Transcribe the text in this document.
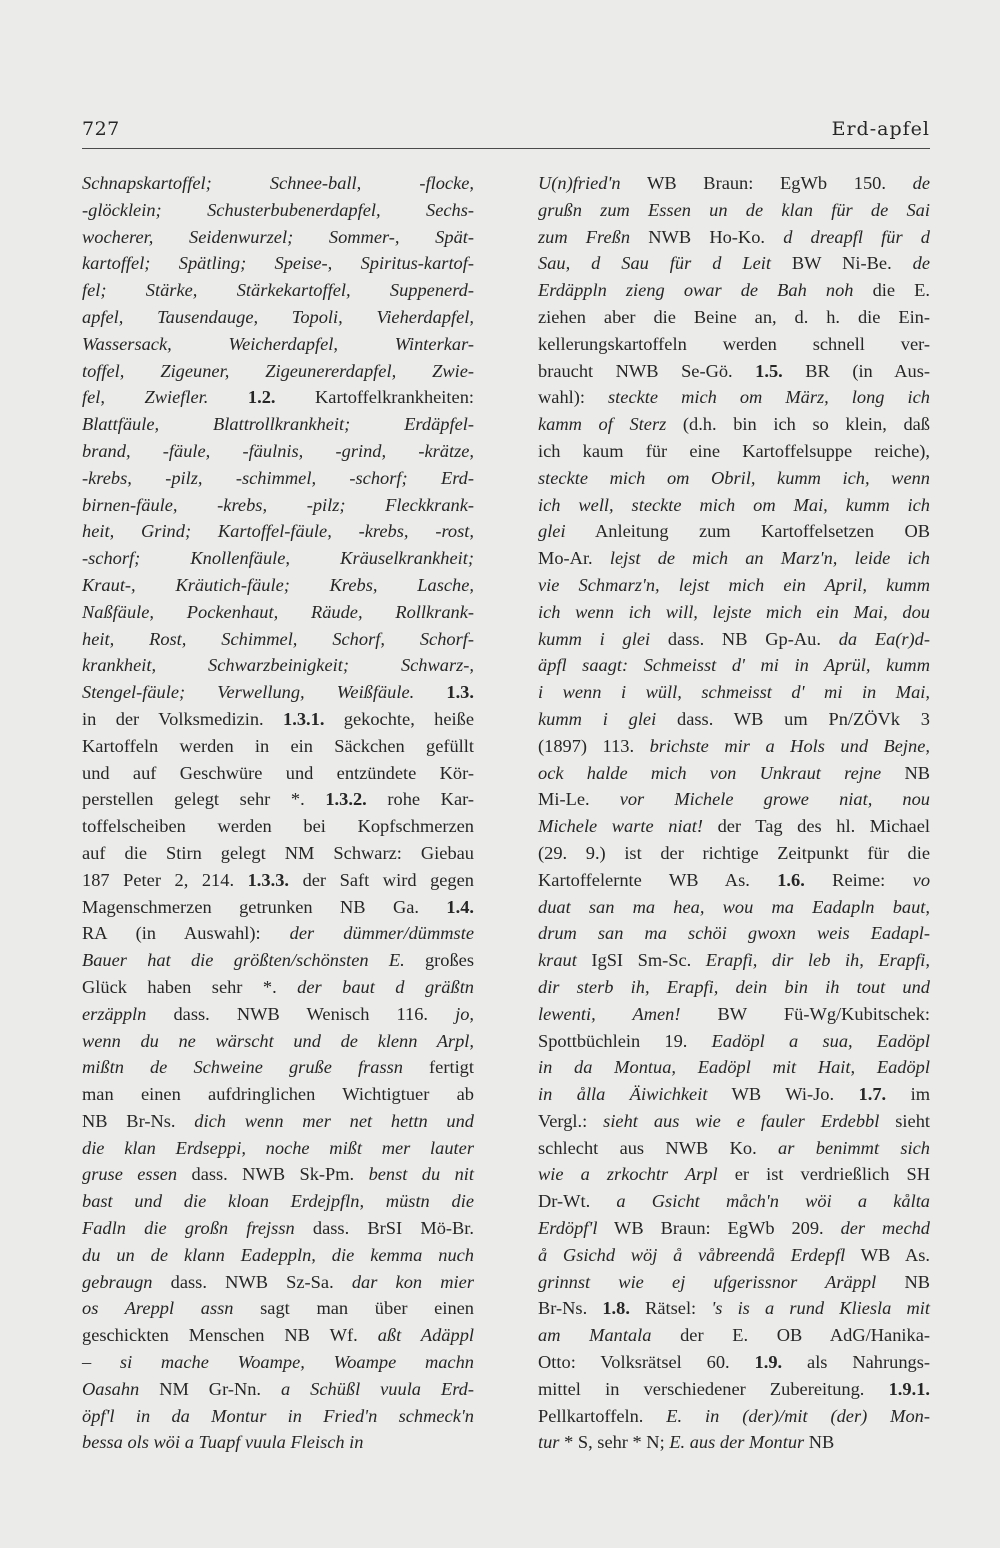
727	Erd-apfel
Schnapskartoffel; Schnee-ball, -flocke,
-glöcklein; Schusterbubenerdapfel, Sechs-
wocherer, Seidenwurzel; Sommer-, Spät-
kartoffel; Spätling; Speise-, Spiritus-kartof-
fel; Stärke, Stärkekartoffel, Suppenerd-
apfel, Tausendauge, Topoli, Vieherdapfel,
Wassersack, Weicherdapfel, Winterkar-
toffel, Zigeuner, Zigeunererdapfel, Zwie-
fel, Zwiefler. 1.2. Kartoffelkrankheiten:
Blattfäule, Blattrollkrankheit; Erdäpfel-
brand, -fäule, -fäulnis, -grind, -krätze,
-krebs, -pilz, -schimmel, -schorf; Erd-
birnen-fäule, -krebs, -pilz; Fleckkrank-
heit, Grind; Kartoffel-fäule, -krebs, -rost,
-schorf; Knollenfäule, Kräuselkrankheit;
Kraut-, Kräutich-fäule; Krebs, Lasche,
Naßfäule, Pockenhaut, Räude, Rollkrank-
heit, Rost, Schimmel, Schorf, Schorf-
krankheit, Schwarzbeinigkeit; Schwarz-,
Stengel-fäule; Verwellung, Weißfäule. 1.3.
in der Volksmedizin. 1.3.1. gekochte, heiße
Kartoffeln werden in ein Säckchen gefüllt
und auf Geschwüre und entzündete Kör-
perstellen gelegt sehr *. 1.3.2. rohe Kar-
toffelscheiben werden bei Kopfschmerzen
auf die Stirn gelegt NM Schwarz: Giebau
187 Peter 2, 214. 1.3.3. der Saft wird gegen
Magenschmerzen getrunken NB Ga. 1.4.
RA (in Auswahl): der dümmer/dümmste
Bauer hat die größten/schönsten E. großes
Glück haben sehr *. der baut d gräßtn
erzäppln dass. NWB Wenisch 116. jo,
wenn du ne wärscht und de klenn Arpl,
mißtn de Schweine gruße frassn fertigt
man einen aufdringlichen Wichtigtuer ab
NB Br-Ns. dich wenn mer net hettn und
die klan Erdseppi, noche mißt mer lauter
gruse essen dass. NWB Sk-Pm. benst du nit
bast und die kloan Erdejpfln, müstn die
Fadln die großn frejssn dass. BrSI Mö-Br.
du un de klann Eadeppln, die kemma nuch
gebraugn dass. NWB Sz-Sa. dar kon mier
os Areppl assn sagt man über einen
geschickten Menschen NB Wf. aßt Adäppl
– si mache Woampe, Woampe machn
Oasahn NM Gr-Nn. a Schüßl vuula Erd-
öpf'l in da Montur in Fried'n schmeck'n
bessa ols wöi a Tuapf vuula Fleisch in
U(n)fried'n WB Braun: EgWb 150. de
grußn zum Essen un de klan für de Sai
zum Freßn NWB Ho-Ko. d dreapfl für d
Sau, d Sau für d Leit BW Ni-Be. de
Erdäppln zieng owar de Bah noh die E.
ziehen aber die Beine an, d. h. die Ein-
kellerungskartoffeln werden schnell ver-
braucht NWB Se-Gö. 1.5. BR (in Aus-
wahl): steckte mich om März, long ich
kamm of Sterz (d.h. bin ich so klein, daß
ich kaum für eine Kartoffelsuppe reiche),
steckte mich om Obril, kumm ich, wenn
ich well, steckte mich om Mai, kumm ich
glei Anleitung zum Kartoffelsetzen OB
Mo-Ar. lejst de mich an Marz'n, leide ich
vie Schmarz'n, lejst mich ein April, kumm
ich wenn ich will, lejste mich ein Mai, dou
kumm i glei dass. NB Gp-Au. da Ea(r)d-
äpfl saagt: Schmeisst d' mi in Aprül, kumm
i wenn i wüll, schmeisst d' mi in Mai,
kumm i glei dass. WB um Pn/ZÖVk 3
(1897) 113. brichste mir a Hols und Bejne,
ock halde mich von Unkraut rejne NB
Mi-Le. vor Michele growe niat, nou
Michele warte niat! der Tag des hl. Michael
(29. 9.) ist der richtige Zeitpunkt für die
Kartoffelernte WB As. 1.6. Reime: vo
duat san ma hea, wou ma Eadapln baut,
drum san ma schöi gwoxn weis Eadapl-
kraut IgSI Sm-Sc. Erapfi, dir leb ih, Erapfi,
dir sterb ih, Erapfi, dein bin ih tout und
lewenti, Amen! BW Fü-Wg/Kubitschek:
Spottbüchlein 19. Eadöpl a sua, Eadöpl
in da Montua, Eadöpl mit Hait, Eadöpl
in ålla Äiwichkeit WB Wi-Jo. 1.7. im
Vergl.: sieht aus wie e fauler Erdebbl sieht
schlecht aus NWB Ko. ar benimmt sich
wie a zrkochtr Arpl er ist verdrießlich SH
Dr-Wt. a Gsicht måch'n wöi a kålta
Erdöpf'l WB Braun: EgWb 209. der mechd
å Gsichd wöj å våbreendå Erdepfl WB As.
grinnst wie ej ufgerissnor Aräppl NB
Br-Ns. 1.8. Rätsel: 's is a rund Kliesla mit
am Mantala der E. OB AdG/Hanika-
Otto: Volksrätsel 60. 1.9. als Nahrungs-
mittel in verschiedener Zubereitung. 1.9.1.
Pellkartoffeln. E. in (der)/mit (der) Mon-
tur * S, sehr * N; E. aus der Montur NB
